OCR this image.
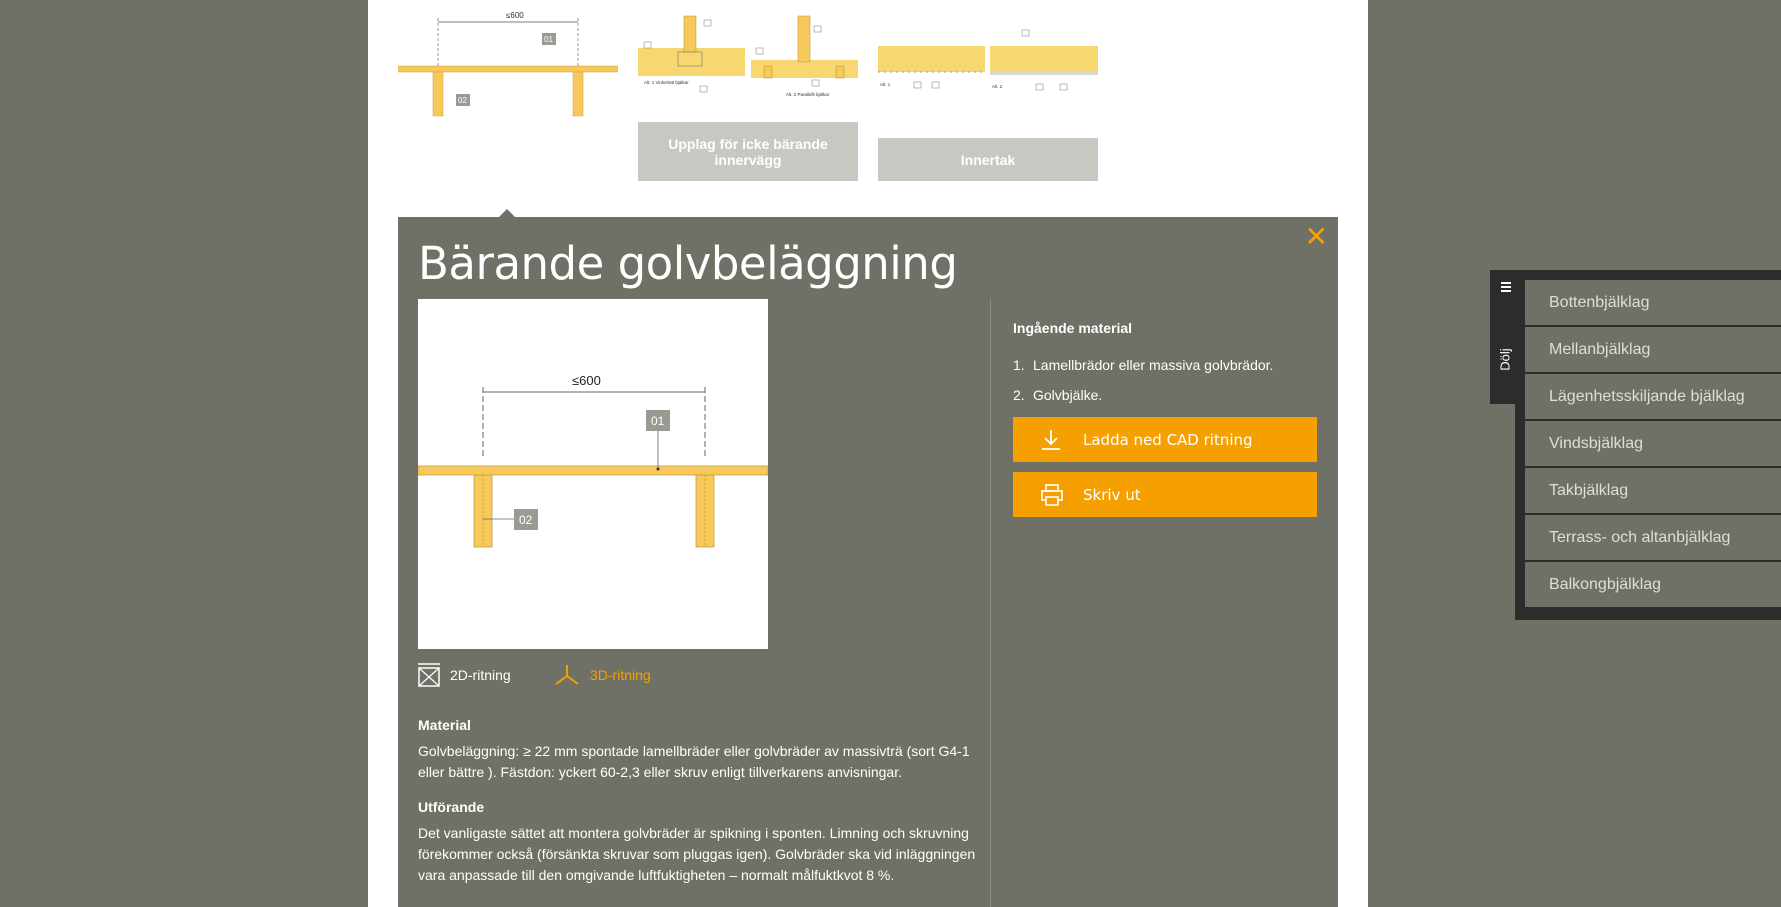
≤600
01
02
Alt. 1 Vinkelrätt bjälkar
Alt. 2 Parallellt bjälkar
Upplag för icke bärande innervägg
Alt. 1	Alt. 2
Innertak
Bärande golvbeläggning
✕
≤600
01
02
2D-ritning	3D-ritning
Material
Golvbeläggning: ≥ 22 mm spontade lamellbräder eller golvbräder av massivträ (sort G4-1 eller bättre ). Fästdon: yckert 60-2,3 eller skruv enligt tillverkarens anvisningar.
Utförande
Det vanligaste sättet att montera golvbräder är spikning i sponten. Limning och skruvning förekommer också (försänkta skruvar som pluggas igen). Golvbräder ska vid inläggningen vara anpassade till den omgivande luftfuktigheten – normalt målfuktkvot 8 %.
Ingående material
1. Lamellbrädor eller massiva golvbrädor.
2. Golvbjälke.
Ladda ned CAD ritning
Skriv ut
Dölj
Bottenbjälklag
Mellanbjälklag
Lägenhetsskiljande bjälklag
Vindsbjälklag
Takbjälklag
Terrass- och altanbjälklag
Balkongbjälklag
